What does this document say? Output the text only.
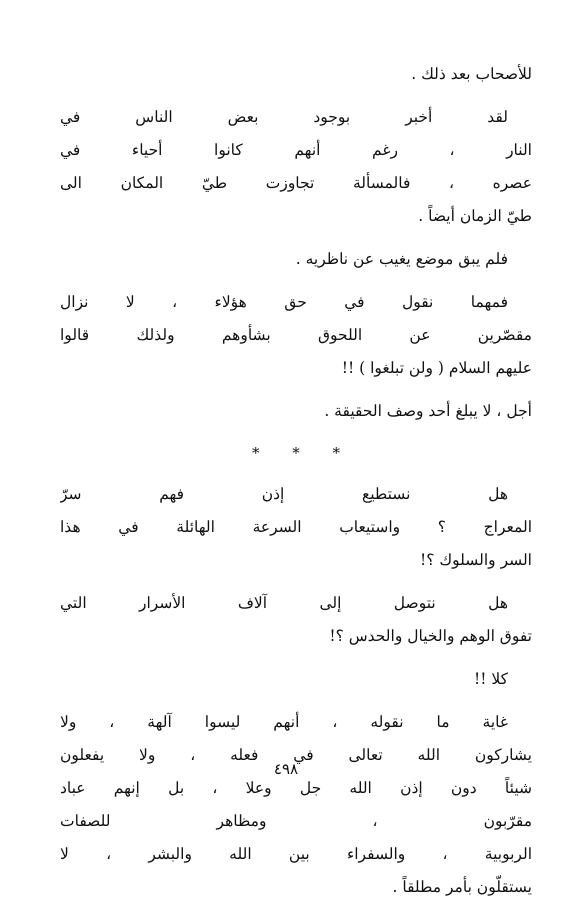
للأصحاب بعد ذلك .
لقد أخبر بوجود بعض الناس في
النار ، رغم أنهم كانوا أحياء في
عصره ، فالمسألة تجاوزت طيّ المكان الى
طيّ الزمان أيضاً .
فلم يبق موضع يغيب عن ناظريه .
فمهما نقول في حق هؤلاء ، لا نزال
مقصّرين عن اللحوق بشأوهم ولذلك قالوا
عليهم السلام ( ولن تبلغوا ) !!
أجل ، لا يبلغ أحد وصف الحقيقة .
* * *
هل نستطيع إذن فهم سرّ
المعراج ؟ واستيعاب السرعة الهائلة في هذا
السر والسلوك ؟!
هل نتوصل إلى آلاف الأسرار التي
تفوق الوهم والخيال والحدس ؟!
كلا !!
غاية ما نقوله ، أنهم ليسوا آلهة ، ولا
يشاركون الله تعالى في فعله ، ولا يفعلون
شيئاً دون إذن الله جل وعلا ، بل إنهم عباد
مقرّبون ، ومظاهر للصفات
الربوبية ، والسفراء بين الله والبشر ، لا
يستقلّون بأمر مطلقاً .
٤٩٨
